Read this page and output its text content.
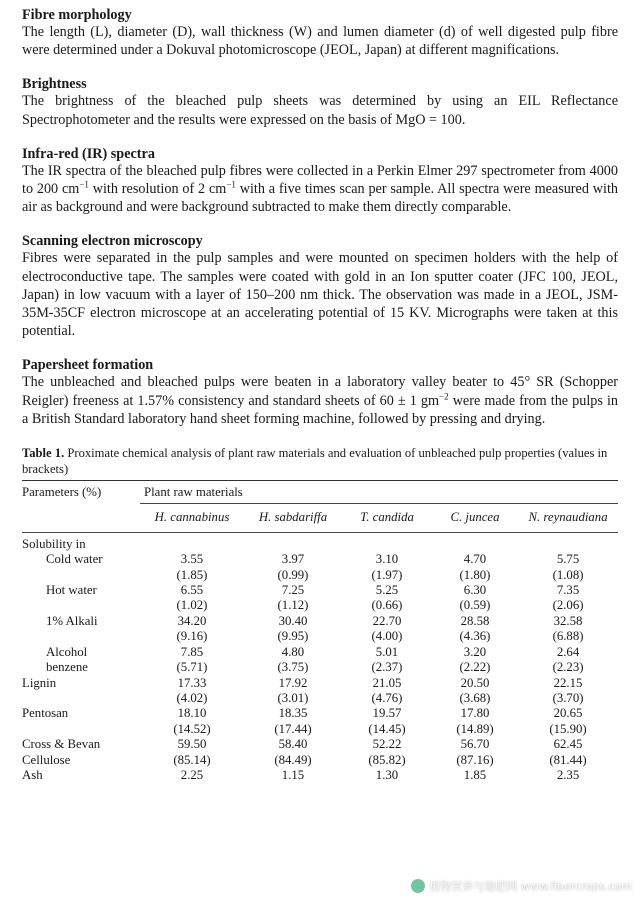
Fibre morphology

The length (L), diameter (D), wall thickness (W) and lumen diameter (d) of well digested pulp fibre were determined under a Dokuval photomicroscope (JEOL, Japan) at different magnifications.

Brightness

The brightness of the bleached pulp sheets was determined by using an EIL Reflectance Spectrophotometer and the results were expressed on the basis of MgO = 100.

Infra-red (IR) spectra

The IR spectra of the bleached pulp fibres were collected in a Perkin Elmer 297 spectrometer from 4000 to 200 $cm^{-1}$ with resolution of 2 $cm^{-1}$ with a five times scan per sample. All spectra were measured with air as background and were background subtracted to make them directly comparable.

Scanning electron microscopy

Fibres were separated in the pulp samples and were mounted on specimen holders with the help of electroconductive tape. The samples were coated with gold in an Ion sputter coater (JFC 100, JEOL, Japan) in low vacuum with a layer of 150–200 nm thick. The observation was made in a JEOL, JSM-35M-35CF electron microscope at an accelerating potential of 15 KV. Micrographs were taken at this potential.

Papersheet formation

The unbleached and bleached pulps were beaten in a laboratory valley beater to 45° SR (Schopper Reigler) freeness at 1.57% consistency and standard sheets of 60 ± 1 $gm^{-2}$ were made from the pulps in a British Standard laboratory hand sheet forming machine, followed by pressing and drying.

Table 1. Proximate chemical analysis of plant raw materials and evaluation of unbleached pulp properties (values in brackets)
Parameters (%)	Plant raw materials				

	H. cannabinus	H. sabdariffa	T. candida	C. juncea	N. reynaudiana

Solubility in					
Cold water	3.55	3.97	3.10	4.70	5.75
	(1.85)	(0.99)	(1.97)	(1.80)	(1.08)
Hot water	6.55	7.25	5.25	6.30	7.35
	(1.02)	(1.12)	(0.66)	(0.59)	(2.06)
1% Alkali	34.20	30.40	22.70	28.58	32.58
	(9.16)	(9.95)	(4.00)	(4.36)	(6.88)
Alcohol	7.85	4.80	5.01	3.20	2.64
benzene	(5.71)	(3.75)	(2.37)	(2.22)	(2.23)
Lignin	17.33	17.92	21.05	20.50	22.15
	(4.02)	(3.01)	(4.76)	(3.68)	(3.70)
Pentosan	18.10	18.35	19.57	17.80	20.65
	(14.52)	(17.44)	(14.45)	(14.89)	(15.90)
Cross & Bevan	59.50	58.40	52.22	56.70	62.45
Cellulose	(85.14)	(84.49)	(85.82)	(87.16)	(81.44)
Ash	2.25	1.15	1.30	1.85	2.35
植物营养与施肥网 www.fibercrops.com
